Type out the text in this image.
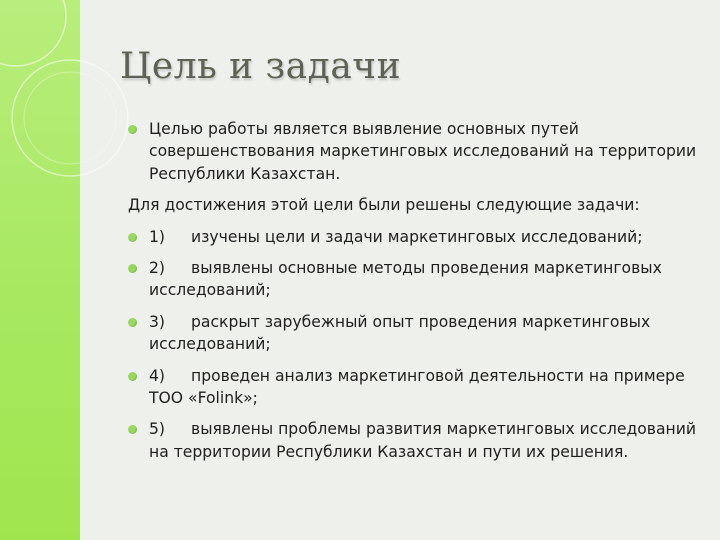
Цель и задачи
Целью работы является выявление основных путей совершенствования маркетинговых исследований на территории Республики Казахстан.
Для достижения этой цели были решены следующие задачи:
1) изучены цели и задачи маркетинговых исследований;
2) выявлены основные методы проведения маркетинговых исследований;
3) раскрыт зарубежный опыт проведения маркетинговых исследований;
4) проведен анализ маркетинговой деятельности на примере ТОО «Folink»;
5) выявлены проблемы развития маркетинговых исследований на территории Республики Казахстан и пути их решения.
